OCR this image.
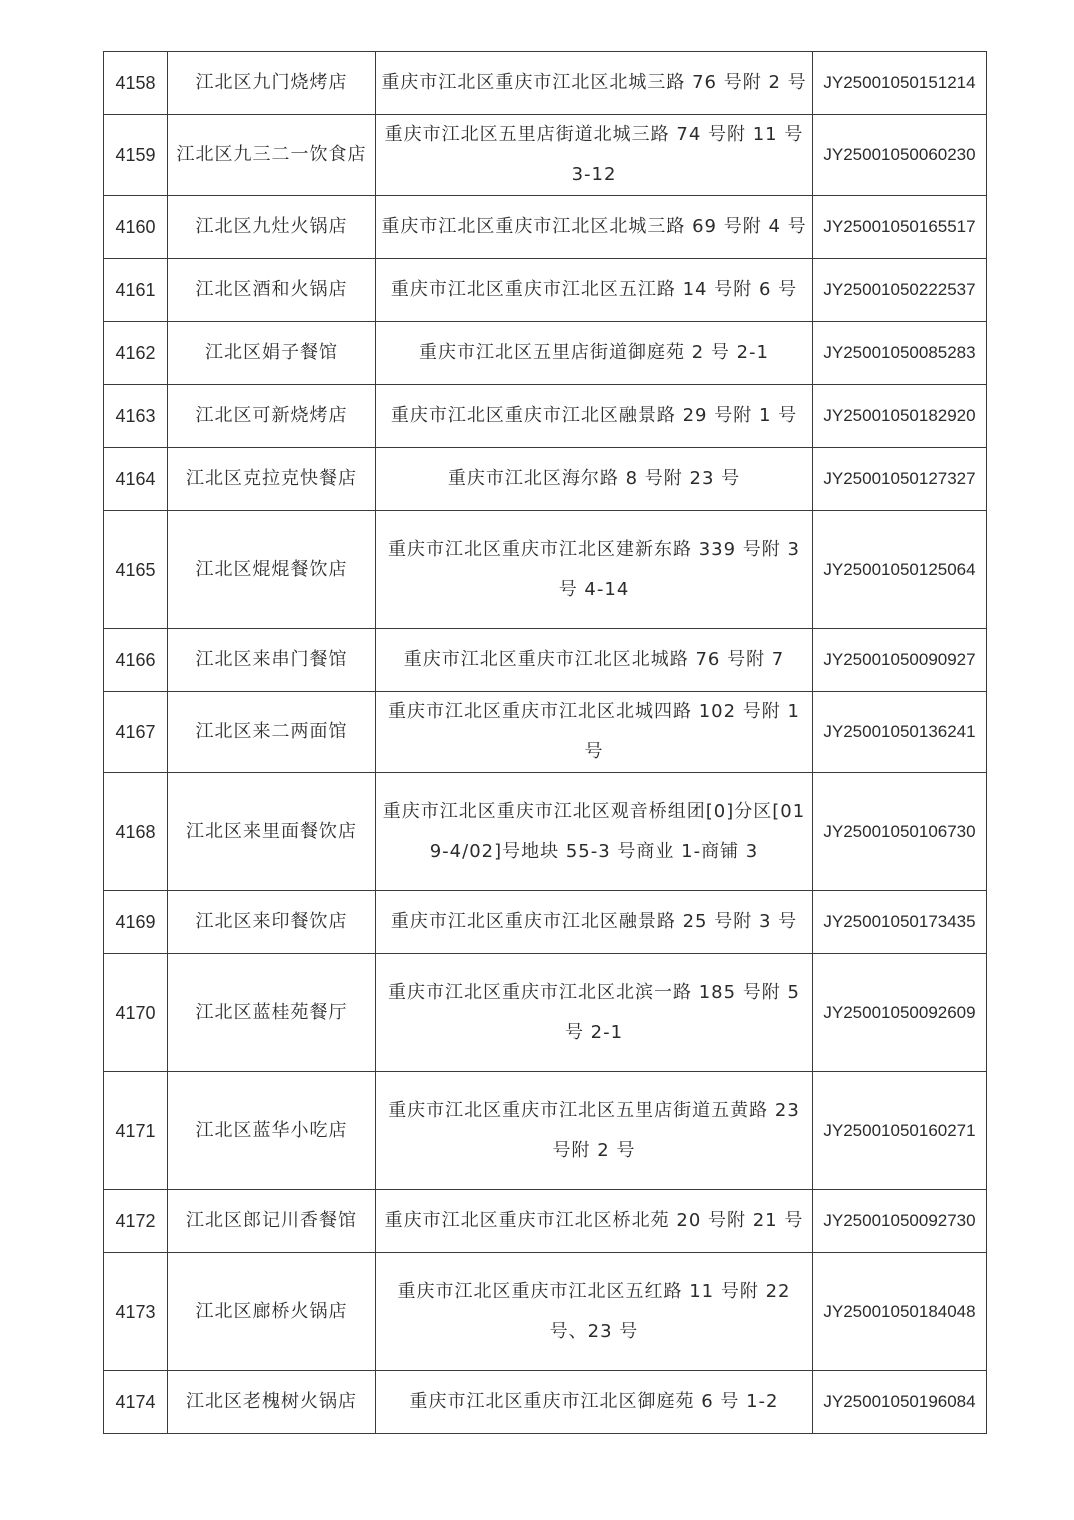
4158	江北区九门烧烤店	重庆市江北区重庆市江北区北城三路 76 号附 2 号	JY25001050151214
4159	江北区九三二一饮食店	重庆市江北区五里店街道北城三路 74 号附 11 号 3-12	JY25001050060230
4160	江北区九灶火锅店	重庆市江北区重庆市江北区北城三路 69 号附 4 号	JY25001050165517
4161	江北区酒和火锅店	重庆市江北区重庆市江北区五江路 14 号附 6 号	JY25001050222537
4162	江北区娟子餐馆	重庆市江北区五里店街道御庭苑 2 号 2-1	JY25001050085283
4163	江北区可新烧烤店	重庆市江北区重庆市江北区融景路 29 号附 1 号	JY25001050182920
4164	江北区克拉克快餐店	重庆市江北区海尔路 8 号附 23 号	JY25001050127327
4165	江北区焜焜餐饮店	重庆市江北区重庆市江北区建新东路 339 号附 3 号 4-14	JY25001050125064
4166	江北区来串门餐馆	重庆市江北区重庆市江北区北城路 76 号附 7	JY25001050090927
4167	江北区来二两面馆	重庆市江北区重庆市江北区北城四路 102 号附 1 号	JY25001050136241
4168	江北区来里面餐饮店	重庆市江北区重庆市江北区观音桥组团[0]分区[019-4/02]号地块 55-3 号商业 1-商铺 3	JY25001050106730
4169	江北区来印餐饮店	重庆市江北区重庆市江北区融景路 25 号附 3 号	JY25001050173435
4170	江北区蓝桂苑餐厅	重庆市江北区重庆市江北区北滨一路 185 号附 5 号 2-1	JY25001050092609
4171	江北区蓝华小吃店	重庆市江北区重庆市江北区五里店街道五黄路 23 号附 2 号	JY25001050160271
4172	江北区郎记川香餐馆	重庆市江北区重庆市江北区桥北苑 20 号附 21 号	JY25001050092730
4173	江北区廊桥火锅店	重庆市江北区重庆市江北区五红路 11 号附 22 号、23 号	JY25001050184048
4174	江北区老槐树火锅店	重庆市江北区重庆市江北区御庭苑 6 号 1-2	JY25001050196084
